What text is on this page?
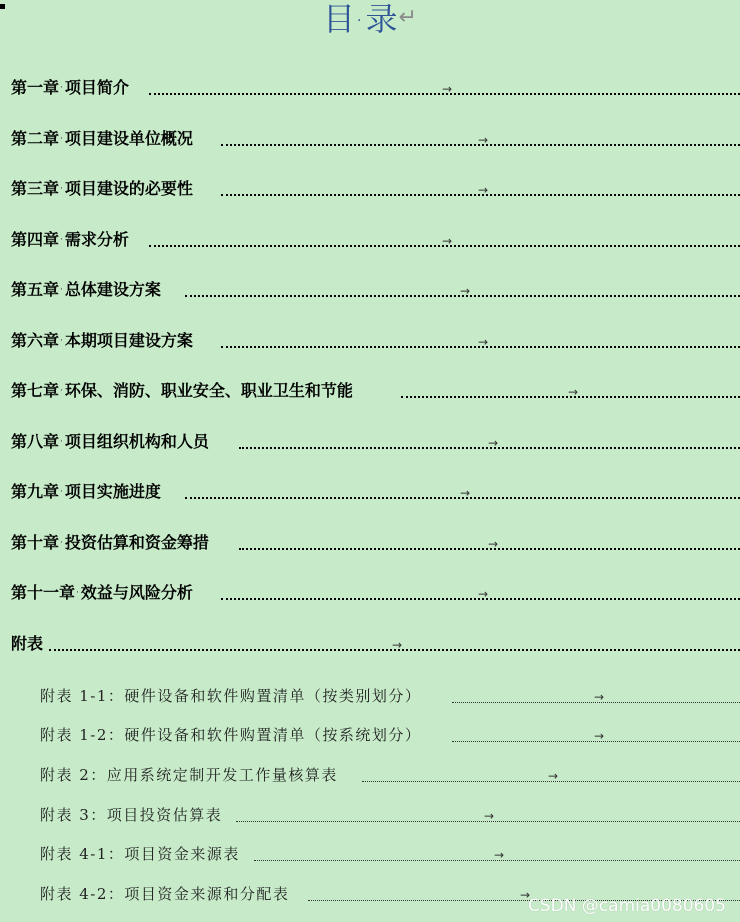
目 · 录↵
第一章· 项目简介	→
第二章· 项目建设单位概况	→
第三章· 项目建设的必要性	→
第四章· 需求分析	→
第五章· 总体建设方案	→
第六章· 本期项目建设方案	→
第七章· 环保、消防、职业安全、职业卫生和节能	→
第八章· 项目组织机构和人员	→
第九章· 项目实施进度	→
第十章· 投资估算和资金筹措	→
第十一章· 效益与风险分析	→
附表	→
附表 1-1：硬件设备和软件购置清单（按类别划分）	→
附表 1-2：硬件设备和软件购置清单（按系统划分）	→
附表 2：应用系统定制开发工作量核算表	→
附表 3：项目投资估算表	→
附表 4-1：项目资金来源表	→
附表 4-2：项目资金来源和分配表	→
CSDN @camia0080605
